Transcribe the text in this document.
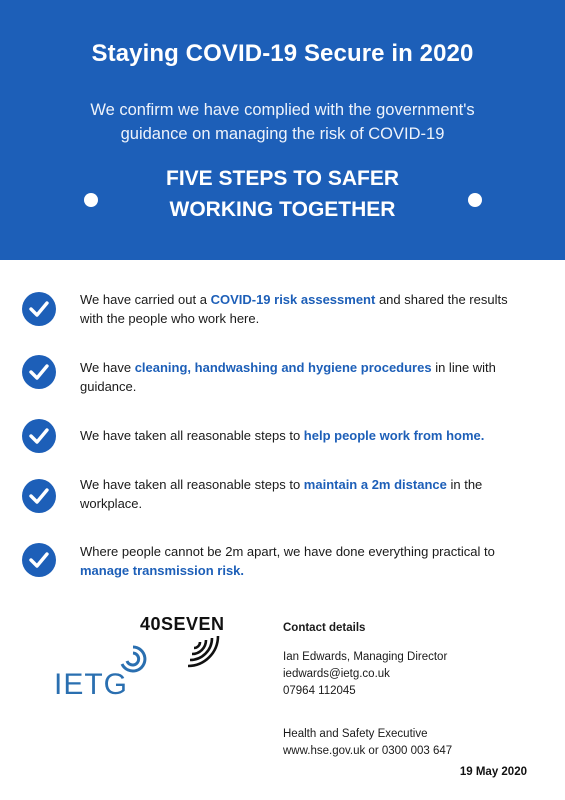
Staying COVID-19 Secure in 2020
We confirm we have complied with the government's
guidance on managing the risk of COVID-19
FIVE STEPS TO SAFER
WORKING TOGETHER
We have carried out a COVID-19 risk assessment and shared the results with the people who work here.
We have cleaning, handwashing and hygiene procedures in line with guidance.
We have taken all reasonable steps to help people work from home.
We have taken all reasonable steps to maintain a 2m distance in the workplace.
Where people cannot be 2m apart, we have done everything practical to manage transmission risk.
40SEVEN
IETG
Contact details
Ian Edwards, Managing Director
iedwards@ietg.co.uk
07964 112045
Health and Safety Executive
www.hse.gov.uk or 0300 003 647
19 May 2020
